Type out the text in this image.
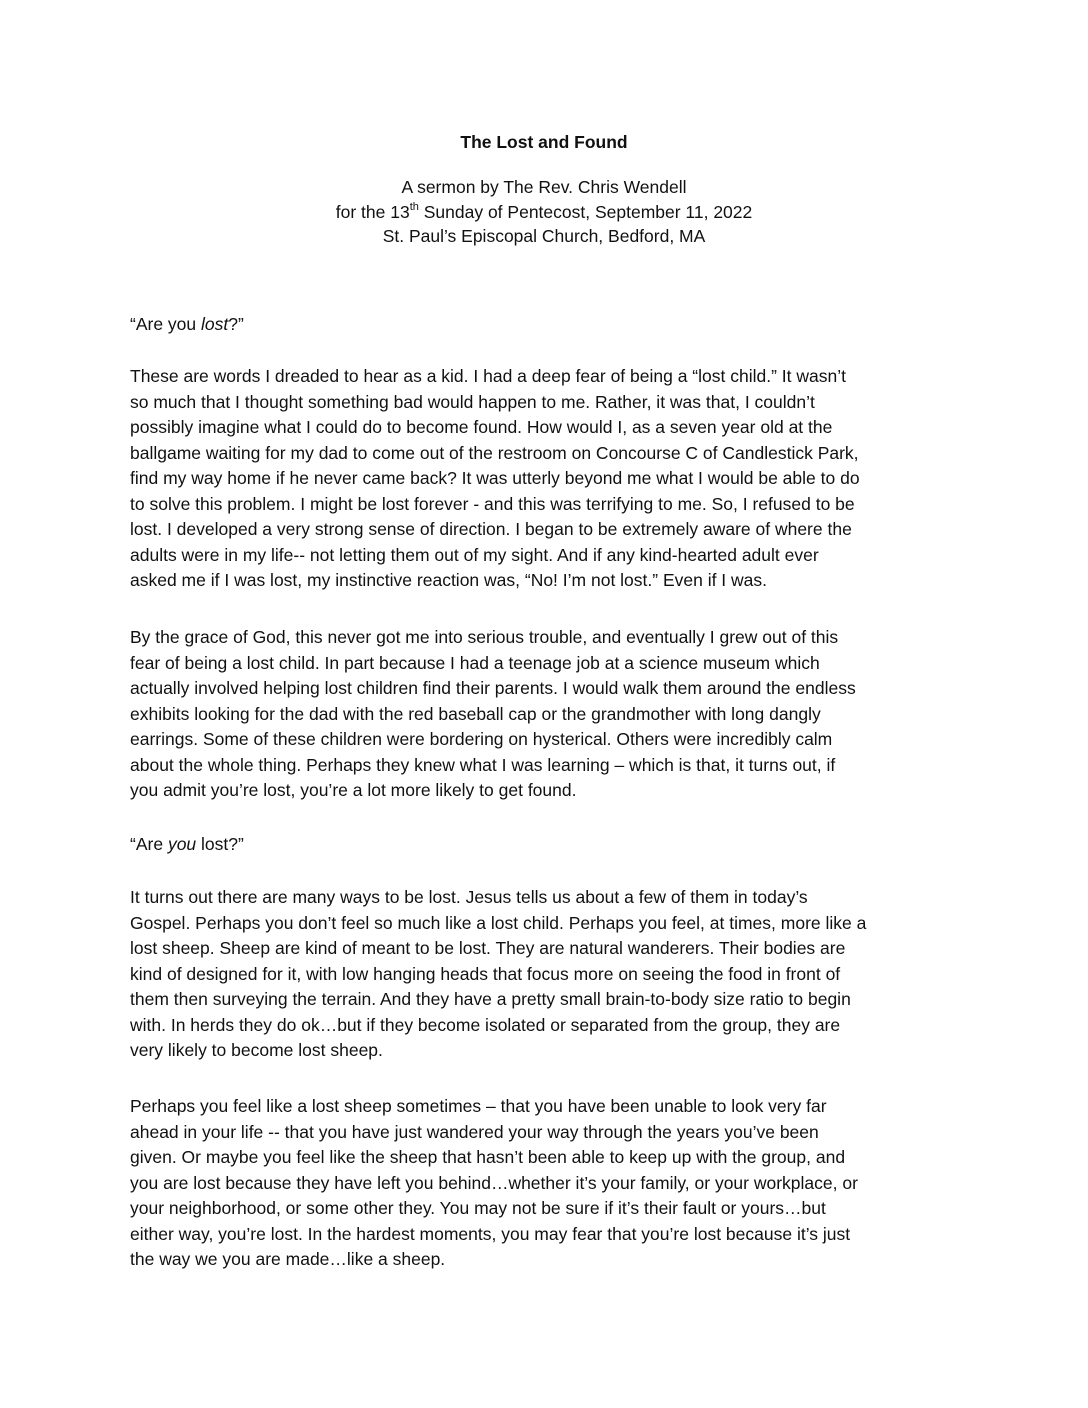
The Lost and Found
A sermon by The Rev. Chris Wendell
for the 13th Sunday of Pentecost, September 11, 2022
St. Paul’s Episcopal Church, Bedford, MA
“Are you lost?”
These are words I dreaded to hear as a kid. I had a deep fear of being a “lost child.” It wasn’t
so much that I thought something bad would happen to me. Rather, it was that, I couldn’t
possibly imagine what I could do to become found. How would I, as a seven year old at the
ballgame waiting for my dad to come out of the restroom on Concourse C of Candlestick Park,
find my way home if he never came back? It was utterly beyond me what I would be able to do
to solve this problem. I might be lost forever - and this was terrifying to me. So, I refused to be
lost. I developed a very strong sense of direction. I began to be extremely aware of where the
adults were in my life-- not letting them out of my sight. And if any kind-hearted adult ever
asked me if I was lost, my instinctive reaction was, “No! I’m not lost.” Even if I was.
By the grace of God, this never got me into serious trouble, and eventually I grew out of this
fear of being a lost child. In part because I had a teenage job at a science museum which
actually involved helping lost children find their parents. I would walk them around the endless
exhibits looking for the dad with the red baseball cap or the grandmother with long dangly
earrings. Some of these children were bordering on hysterical. Others were incredibly calm
about the whole thing. Perhaps they knew what I was learning – which is that, it turns out, if
you admit you’re lost, you’re a lot more likely to get found.
“Are you lost?”
It turns out there are many ways to be lost. Jesus tells us about a few of them in today’s
Gospel. Perhaps you don’t feel so much like a lost child. Perhaps you feel, at times, more like a
lost sheep. Sheep are kind of meant to be lost. They are natural wanderers. Their bodies are
kind of designed for it, with low hanging heads that focus more on seeing the food in front of
them then surveying the terrain. And they have a pretty small brain-to-body size ratio to begin
with. In herds they do ok…but if they become isolated or separated from the group, they are
very likely to become lost sheep.
Perhaps you feel like a lost sheep sometimes – that you have been unable to look very far
ahead in your life -- that you have just wandered your way through the years you’ve been
given. Or maybe you feel like the sheep that hasn’t been able to keep up with the group, and
you are lost because they have left you behind…whether it’s your family, or your workplace, or
your neighborhood, or some other they. You may not be sure if it’s their fault or yours…but
either way, you’re lost. In the hardest moments, you may fear that you’re lost because it’s just
the way we you are made…like a sheep.
